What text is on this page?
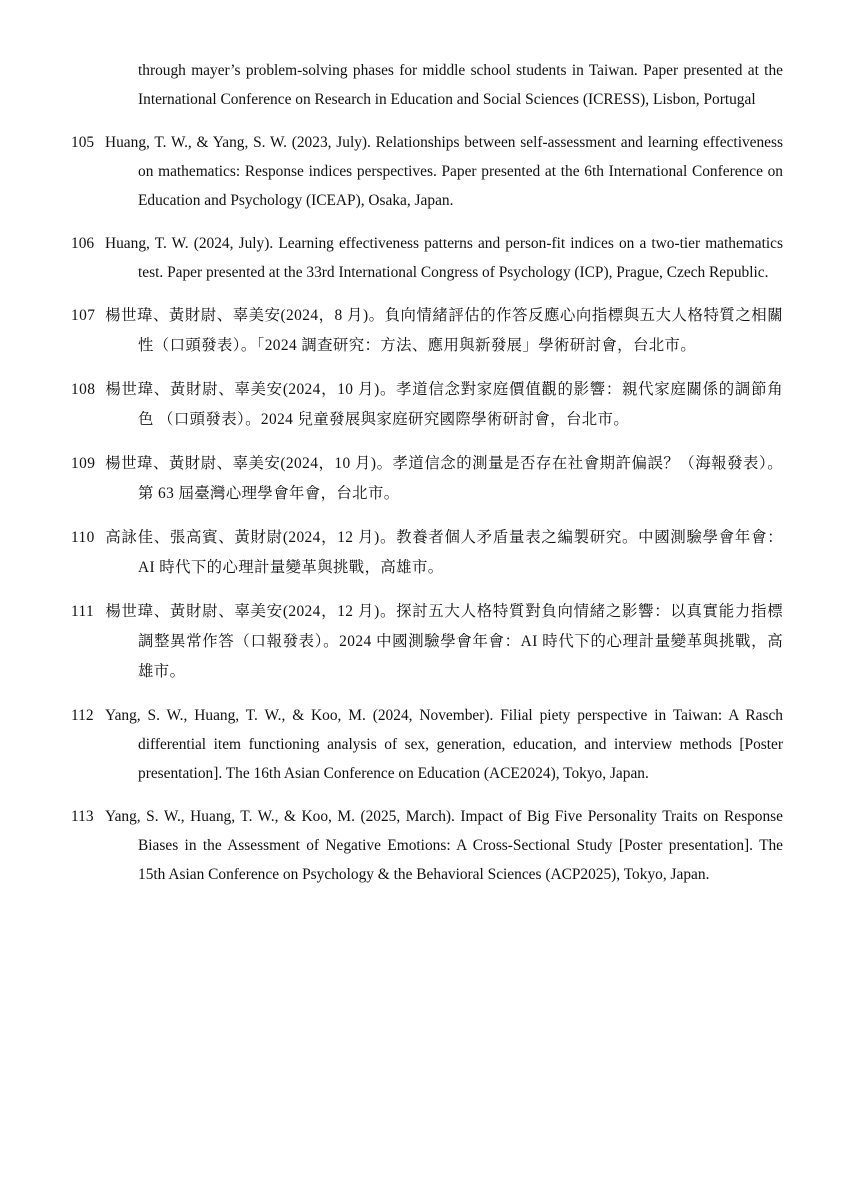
through mayer’s problem-solving phases for middle school students in Taiwan. Paper presented at the International Conference on Research in Education and Social Sciences (ICRESS), Lisbon, Portugal

105 Huang, T. W., & Yang, S. W. (2023, July). Relationships between self-assessment and learning effectiveness on mathematics: Response indices perspectives. Paper presented at the 6th International Conference on Education and Psychology (ICEAP), Osaka, Japan.

106 Huang, T. W. (2024, July). Learning effectiveness patterns and person-fit indices on a two-tier mathematics test. Paper presented at the 33rd International Congress of Psychology (ICP), Prague, Czech Republic.

107 楊世瑋、黃財尉、辜美安(2024，8 月)。負向情緒評估的作答反應心向指標與五大人格特質之相關性（口頭發表）。「2024 調查研究：方法、應用與新發展」學術研討會，台北市。

108 楊世瑋、黃財尉、辜美安(2024，10 月)。孝道信念對家庭價值觀的影響：親代家庭關係的調節角色 （口頭發表）。2024 兒童發展與家庭研究國際學術研討會，台北市。

109 楊世瑋、黃財尉、辜美安(2024，10 月)。孝道信念的測量是否存在社會期許偏誤？（海報發表）。第 63 屆臺灣心理學會年會，台北市。

110 高詠佳、張高賓、黃財尉(2024，12 月)。教養者個人矛盾量表之編製研究。中國測驗學會年會：AI 時代下的心理計量變革與挑戰，高雄市。

111 楊世瑋、黃財尉、辜美安(2024，12 月)。探討五大人格特質對負向情緒之影響：以真實能力指標調整異常作答（口報發表）。2024 中國測驗學會年會：AI 時代下的心理計量變革與挑戰，高雄市。

112 Yang, S. W., Huang, T. W., & Koo, M. (2024, November). Filial piety perspective in Taiwan: A Rasch differential item functioning analysis of sex, generation, education, and interview methods [Poster presentation]. The 16th Asian Conference on Education (ACE2024), Tokyo, Japan.

113 Yang, S. W., Huang, T. W., & Koo, M. (2025, March). Impact of Big Five Personality Traits on Response Biases in the Assessment of Negative Emotions: A Cross-Sectional Study [Poster presentation]. The 15th Asian Conference on Psychology & the Behavioral Sciences (ACP2025), Tokyo, Japan.
